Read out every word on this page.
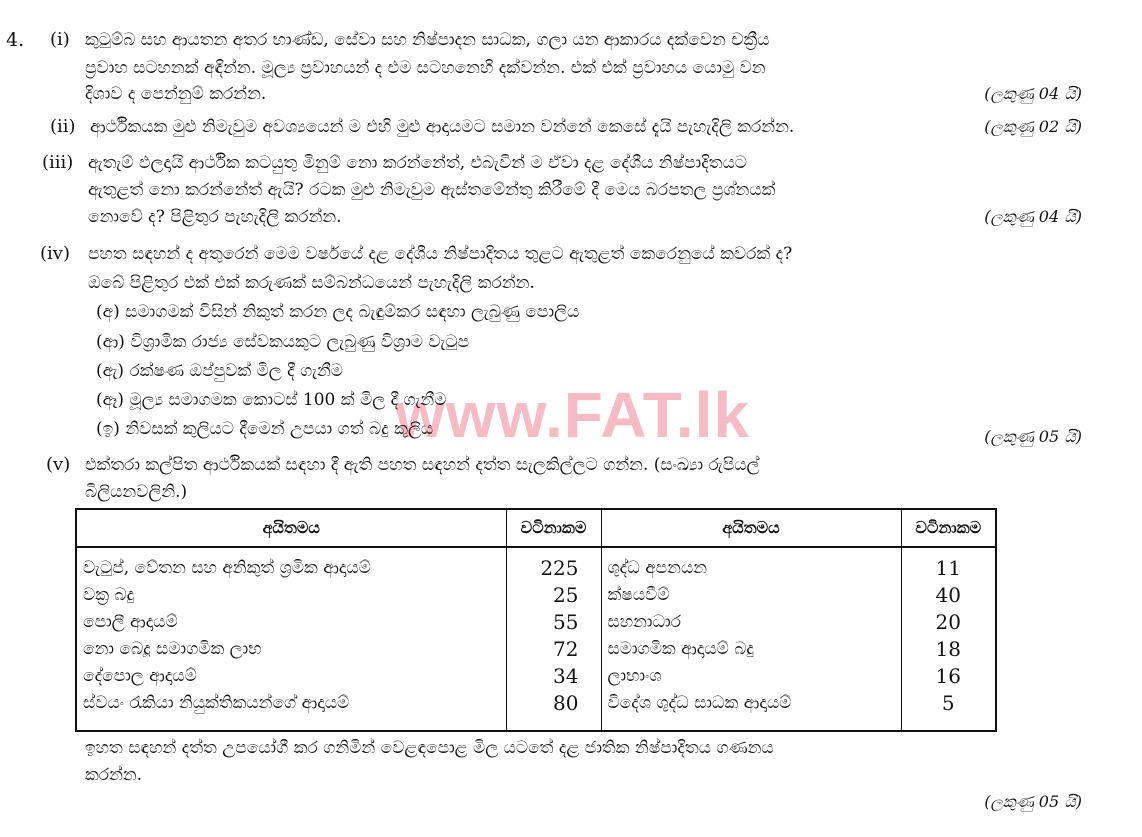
www.FAT.lk
4. (i) කුටුම්බ සහ ආයතන අතර භාණ්ඩ, සේවා සහ නිෂ්පාදන සාධක, ගලා යන ආකාරය දක්වෙන චක්‍රීය
ප්‍රවාහ සටහනක් අඳින්න. මූල්‍ය ප්‍රවාහයන් ද එම සටහනෙහි දක්වන්න. එක් එක් ප්‍රවාහය යොමු වන
දිශාව ද පෙන්නුම් කරන්න.	(ලකුණු 04 යි)
(ii) ආර්ථිකයක මුළු නිමැවුම අවශ්‍යයෙන් ම එහි මුළු ආදායමට සමාන වන්නේ කෙසේ දැයි පැහැදිලි කරන්න.	(ලකුණු 02 යි)
(iii) ඇතැම් ඵලදායි ආර්ථික කටයුතු මිනුම් නො කරන්නේත්, එබැවින් ම ඒවා දළ දේශීය නිෂ්පාදිතයට
ඇතුළත් නො කරන්නේත් ඇයි? රටක මුළු නිමැවුම ඇස්තමේන්තු කිරීමේ දී මෙය බරපතල ප්‍රශ්නයක්
නොවේ ද? පිළිතුර පැහැදිලි කරන්න.	(ලකුණු 04 යි)
(iv) පහත සඳහන් ද අතුරෙන් මෙම වර්ෂයේ දළ දේශීය නිෂ්පාදිතය තුළට ඇතුළත් කෙරෙනුයේ කවරක් ද?
ඔබේ පිළිතුර එක් එක් කරුණක් සම්බන්ධයෙන් පැහැදිලි කරන්න.
(අ) සමාගමක් විසින් නිකුත් කරන ලද බැඳුම්කර සඳහා ලැබුණු පොලිය
(ආ) විශ්‍රාමික රාජ්‍ය සේවකයකුට ලැබුණු විශ්‍රාම වැටුප
(ඇ) රක්ෂණ ඔප්පුවක් මිල දී ගැනීම
(ඈ) මූල්‍ය සමාගමක කොටස් 100 ක් මිල දී ගැනීම
(ඉ) නිවසක් කුලියට දීමෙන් උපයා ගත් බදු කුලිය	(ලකුණු 05 යි)
(v) එක්තරා කල්පිත ආර්ථිකයක් සඳහා දී ඇති පහත සඳහන් දත්ත සැලකිල්ලට ගන්න. (සංඛ්‍යා රුපියල්
බිලියනවලිනි.)
අයිතමය	වටිනාකම	අයිතමය	වටිනාකම
වැටුප්, වේතන සහ අනිකුත් ශ්‍රමික ආදායම්	225	ශුද්ධ අපනයන	11
වක්‍ර බදු	25	ක්ෂයවීම්	40
පොලී ආදායම්	55	සහනාධාර	20
නො බෙදූ සමාගමික ලාභ	72	සමාගමික ආදායම් බදු	18
දේපොල ආදායම්	34	ලාභාංශ	16
ස්වයං රැකියා නියුක්තිකයන්ගේ ආදායම්	80	විදේශ ශුද්ධ සාධක ආදායම්	5
ඉහත සඳහන් දත්ත උපයෝගී කර ගනිමින් වෙළඳපොළ මිල යටතේ දළ ජාතික නිෂ්පාදිතය ගණනය
කරන්න.
(ලකුණු 05 යි)
